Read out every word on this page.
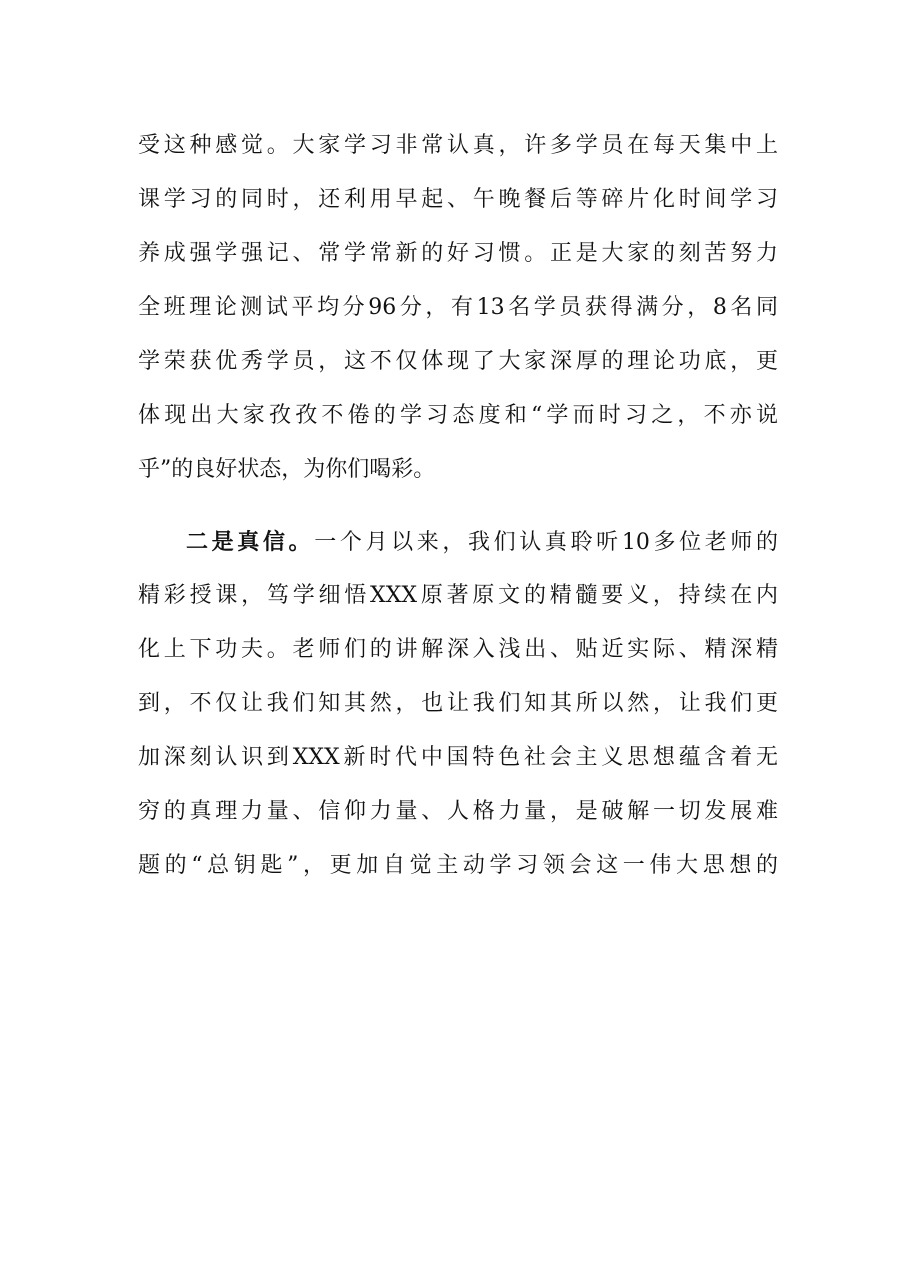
受这种感觉。大家学习非常认真，许多学员在每天集中上
课学习的同时，还利用早起、午晚餐后等碎片化时间学习
养成强学强记、常学常新的好习惯。正是大家的刻苦努力
全班理论测试平均分96分，有13名学员获得满分，8名同
学荣获优秀学员，这不仅体现了大家深厚的理论功底，更
体现出大家孜孜不倦的学习态度和“学而时习之，不亦说
乎”的良好状态，为你们喝彩。
二是真信。一个月以来，我们认真聆听10多位老师的
精彩授课，笃学细悟XXX原著原文的精髓要义，持续在内
化上下功夫。老师们的讲解深入浅出、贴近实际、精深精
到，不仅让我们知其然，也让我们知其所以然，让我们更
加深刻认识到XXX新时代中国特色社会主义思想蕴含着无
穷的真理力量、信仰力量、人格力量，是破解一切发展难
题的“总钥匙”，更加自觉主动学习领会这一伟大思想的
